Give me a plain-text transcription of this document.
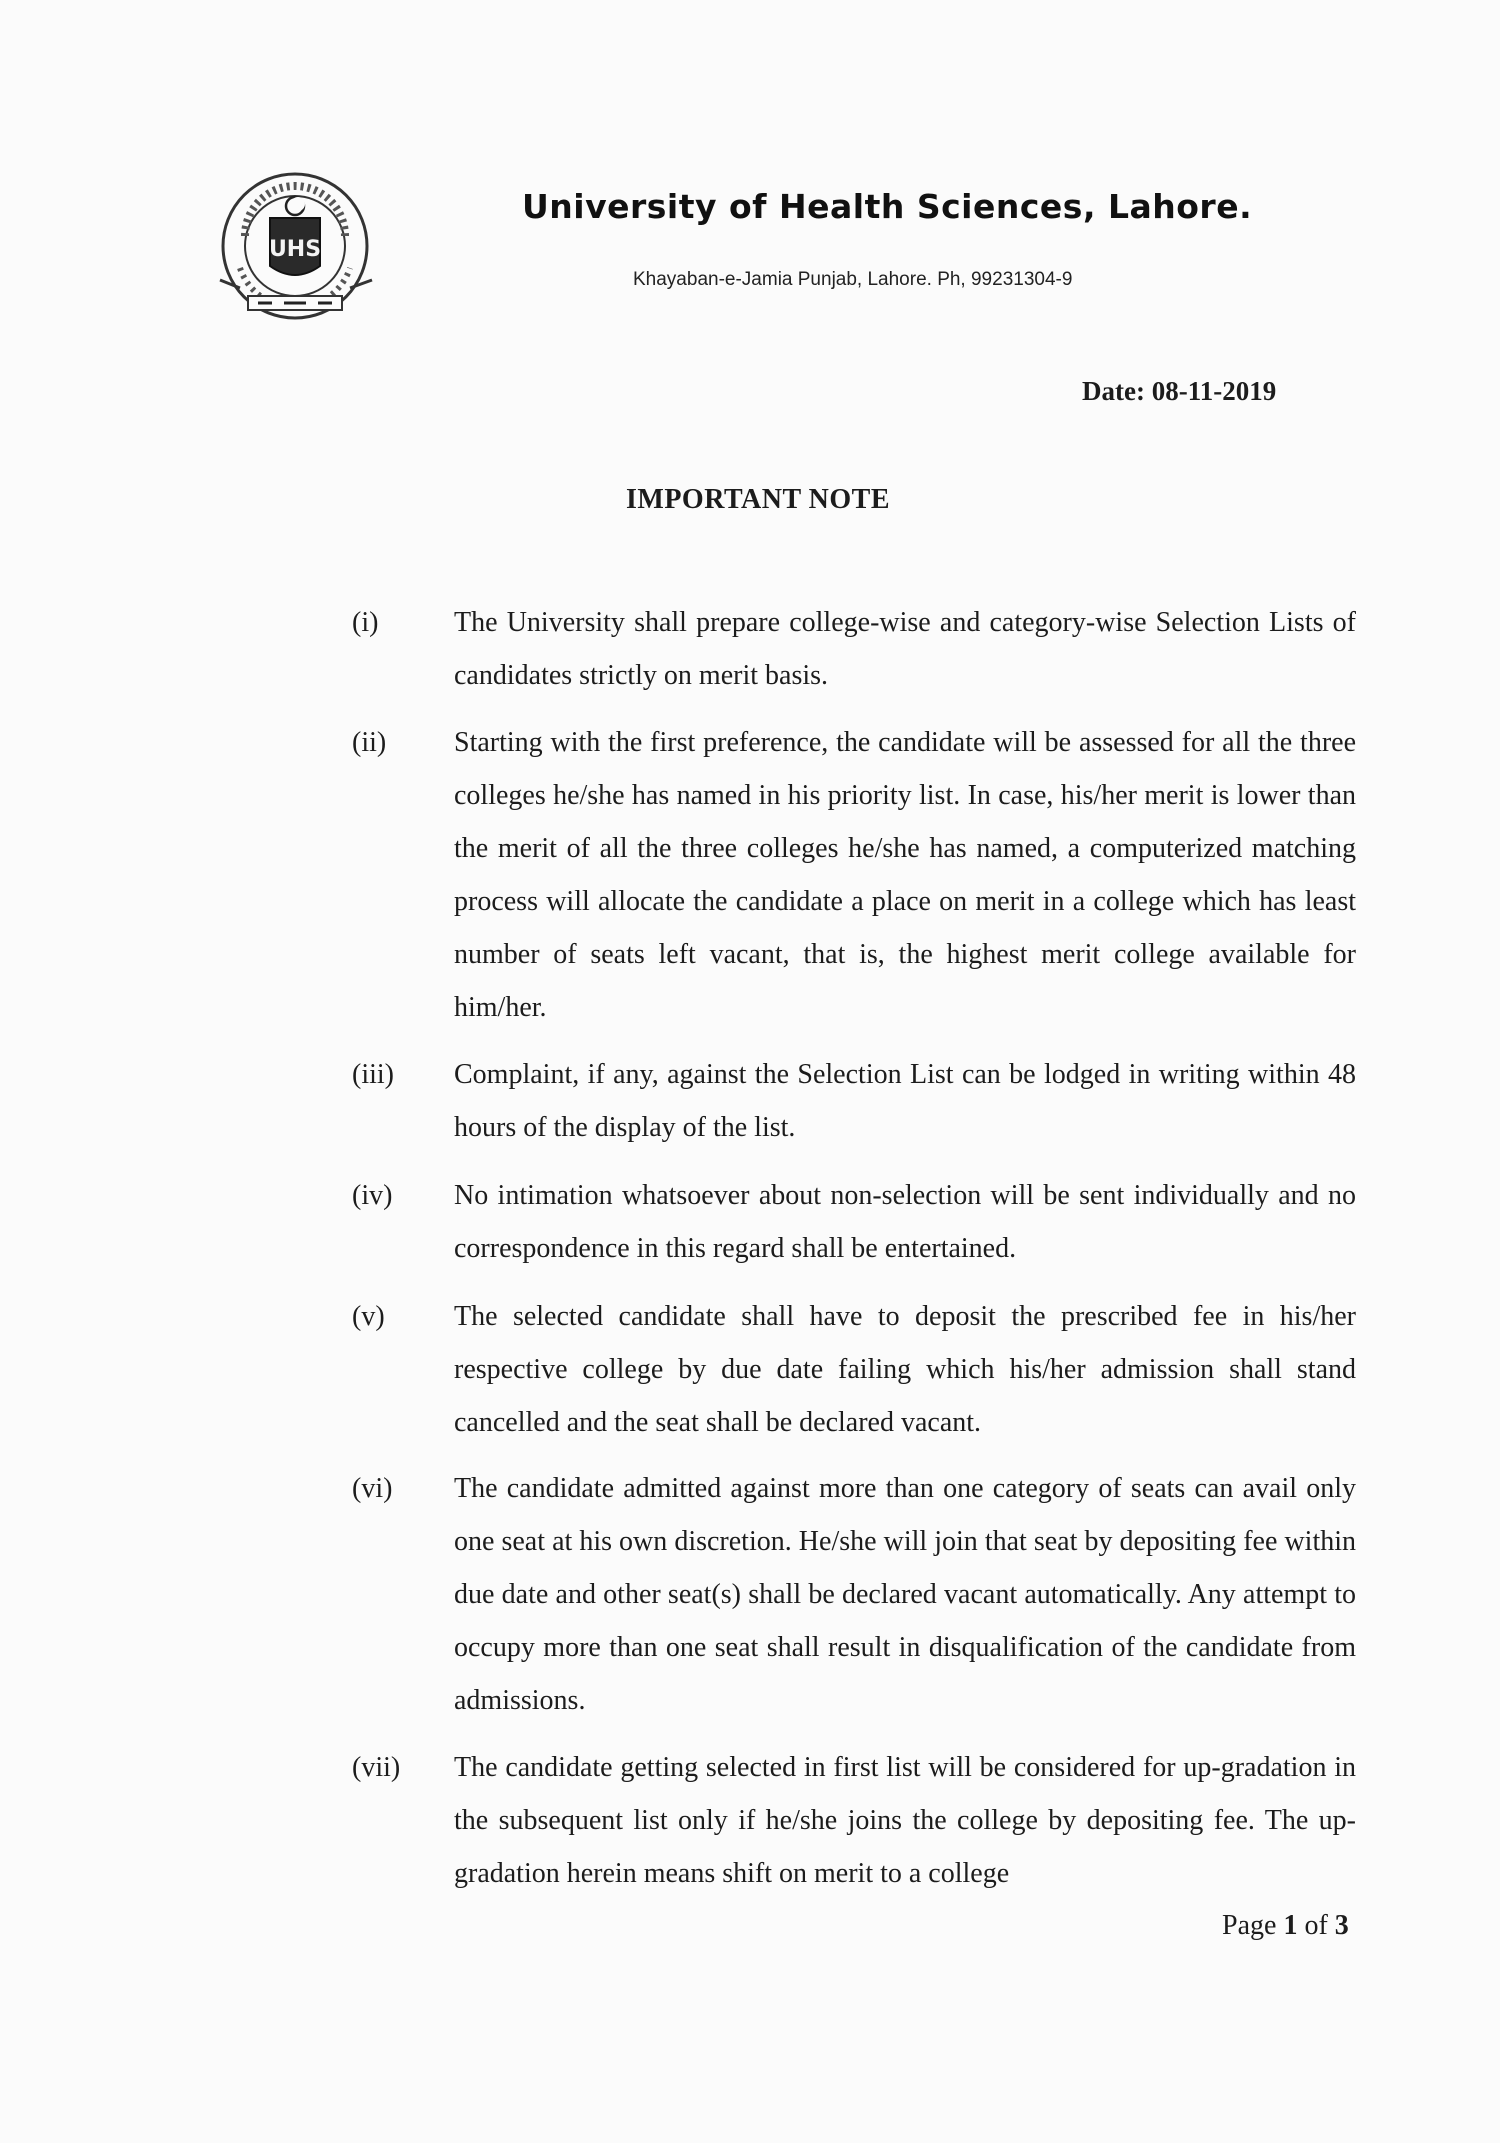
UHS
University of Health Sciences, Lahore.
Khayaban-e-Jamia Punjab, Lahore. Ph, 99231304-9
Date: 08-11-2019
IMPORTANT NOTE
(i)	The University shall prepare college-wise and category-wise Selection Lists of candidates strictly on merit basis.
(ii)	Starting with the first preference, the candidate will be assessed for all the three colleges he/she has named in his priority list. In case, his/her merit is lower than the merit of all the three colleges he/she has named, a computerized matching process will allocate the candidate a place on merit in a college which has least number of seats left vacant, that is, the highest merit college available for him/her.
(iii)	Complaint, if any, against the Selection List can be lodged in writing within 48 hours of the display of the list.
(iv)	No intimation whatsoever about non-selection will be sent individually and no correspondence in this regard shall be entertained.
(v)	The selected candidate shall have to deposit the prescribed fee in his/her respective college by due date failing which his/her admission shall stand cancelled and the seat shall be declared vacant.
(vi)	The candidate admitted against more than one category of seats can avail only one seat at his own discretion. He/she will join that seat by depositing fee within due date and other seat(s) shall be declared vacant automatically. Any attempt to occupy more than one seat shall result in disqualification of the candidate from admissions.
(vii)	The candidate getting selected in first list will be considered for up-gradation in the subsequent list only if he/she joins the college by depositing fee. The up-gradation herein means shift on merit to a college
Page 1 of 3
